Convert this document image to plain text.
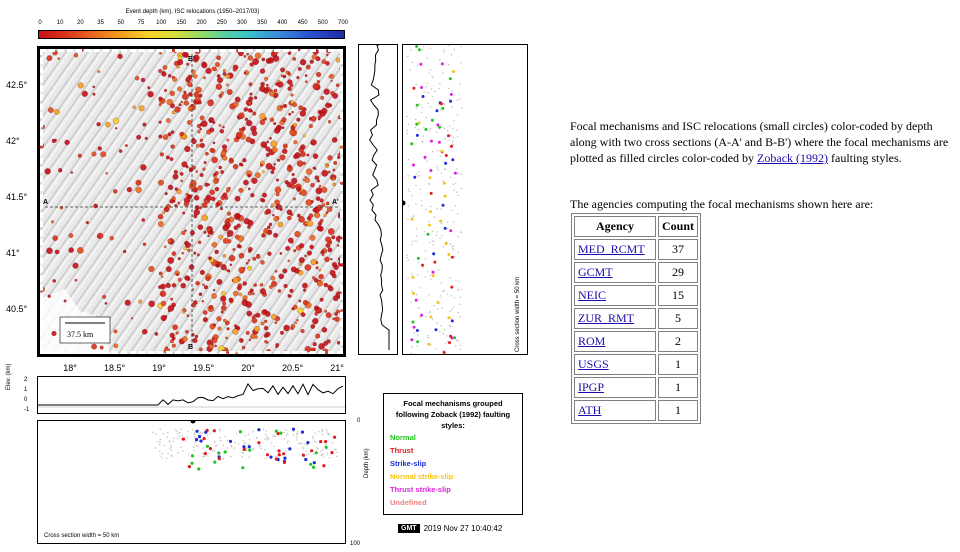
Event depth (km), ISC relocations (1950–2017/03)
0	10 20 35 50 75 100 150 200 250 300 350 400 450 500 700
A	A'
B
B'
37.5 km
42.5°
42°
41.5°
41°
40.5°
18°	18.5°	19°	19.5°	20°	20.5°	21°
Elev. (km) 2
1
0
-1
Cross section width = 50 km
0
100
Depth (km)
Cross section width = 50 km
Focal mechanisms grouped following Zoback (1992) faulting styles:
Normal
Thrust
Strike-slip
Normal strike-slip
Thrust strike-slip
Undefined
GMT 2019 Nov 27 10:40:42
Focal mechanisms and ISC relocations (small circles) color-coded by depth along with two cross sections (A-A' and B-B') where the focal mechanisms are plotted as filled circles color-coded by Zoback (1992) faulting styles.
The agencies computing the focal mechanisms shown here are:
Agency	Count
MED_RCMT	37
GCMT	29
NEIC	15
ZUR_RMT	5
ROM	2
USGS	1
IPGP	1
ATH	1
